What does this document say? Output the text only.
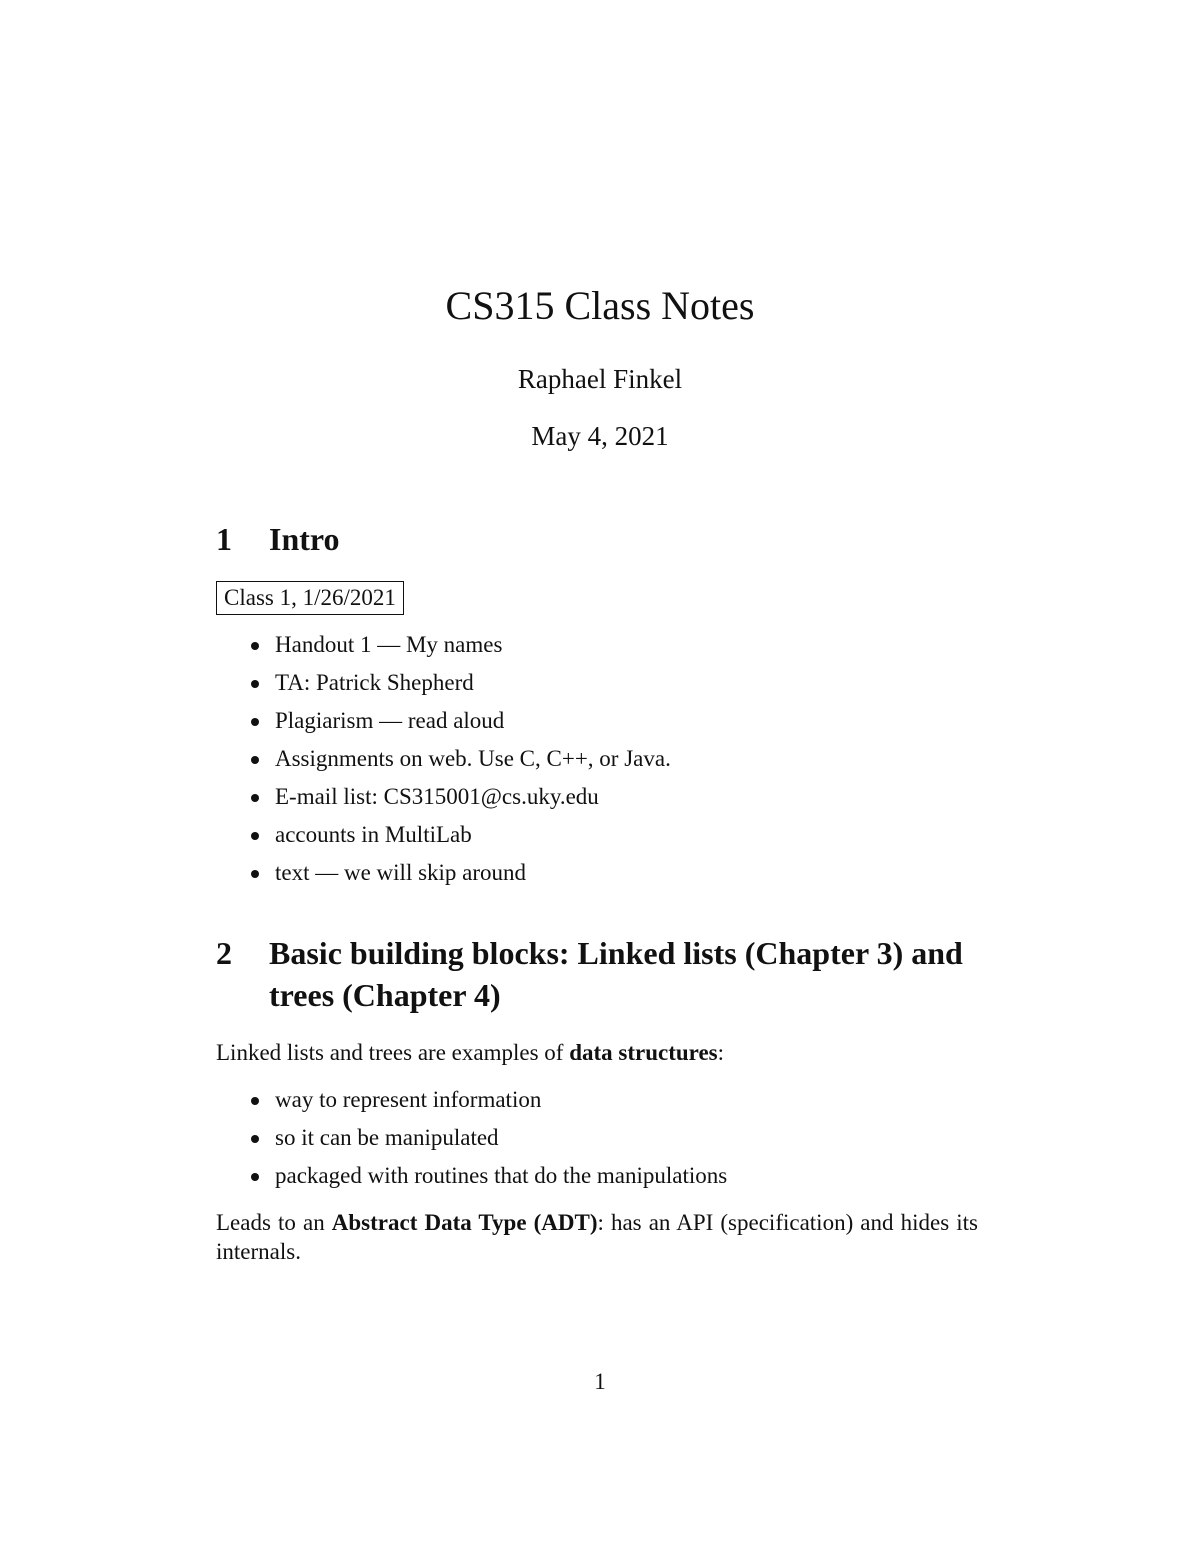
CS315 Class Notes
Raphael Finkel
May 4, 2021
1 Intro
Class 1, 1/26/2021
Handout 1 — My names
TA: Patrick Shepherd
Plagiarism — read aloud
Assignments on web. Use C, C++, or Java.
E-mail list: CS315001@cs.uky.edu
accounts in MultiLab
text — we will skip around
2 Basic building blocks: Linked lists (Chapter 3) and trees (Chapter 4)
Linked lists and trees are examples of data structures:
way to represent information
so it can be manipulated
packaged with routines that do the manipulations
Leads to an Abstract Data Type (ADT): has an API (specification) and hides its internals.
1
